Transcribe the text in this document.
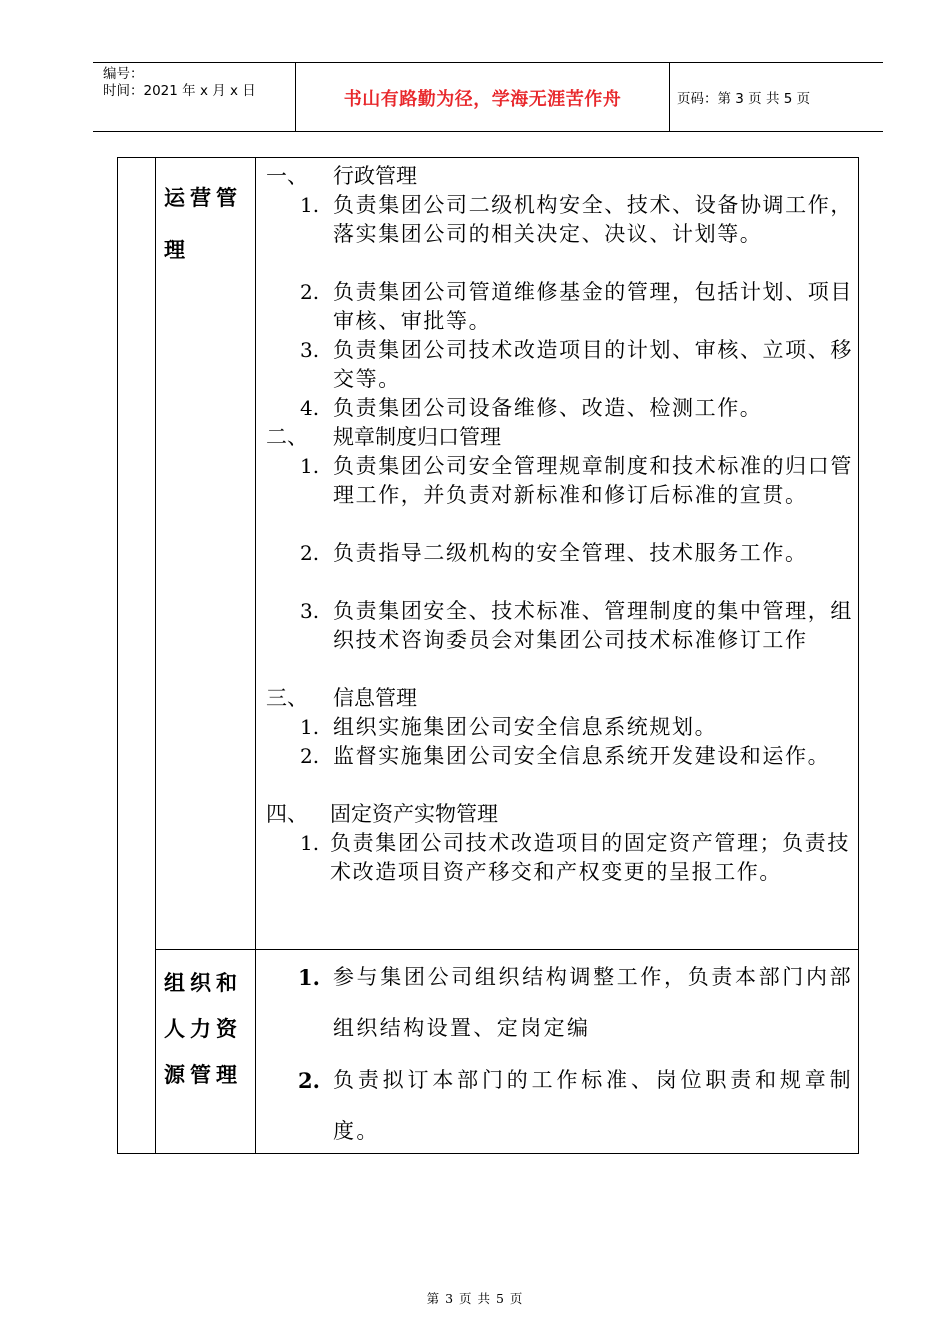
编号：
时间：2021 年 x 月 x 日	书山有路勤为径，学海无涯苦作舟	页码：第 3 页 共 5 页
运营管理
一、 行政管理
1. 负责集团公司二级机构安全、技术、设备协调工作，落实集团公司的相关决定、决议、计划等。
2. 负责集团公司管道维修基金的管理，包括计划、项目审核、审批等。
3. 负责集团公司技术改造项目的计划、审核、立项、移交等。
4. 负责集团公司设备维修、改造、检测工作。
二、 规章制度归口管理
1. 负责集团公司安全管理规章制度和技术标准的归口管理工作，并负责对新标准和修订后标准的宣贯。
2. 负责指导二级机构的安全管理、技术服务工作。
3. 负责集团安全、技术标准、管理制度的集中管理，组织技术咨询委员会对集团公司技术标准修订工作
三、 信息管理
1. 组织实施集团公司安全信息系统规划。
2. 监督实施集团公司安全信息系统开发建设和运作。
四、 固定资产实物管理
1. 负责集团公司技术改造项目的固定资产管理；负责技术改造项目资产移交和产权变更的呈报工作。
组织和人力资源管理
1. 参与集团公司组织结构调整工作，负责本部门内部组织结构设置、定岗定编
2. 负责拟订本部门的工作标准、岗位职责和规章制度。
第 3 页 共 5 页
